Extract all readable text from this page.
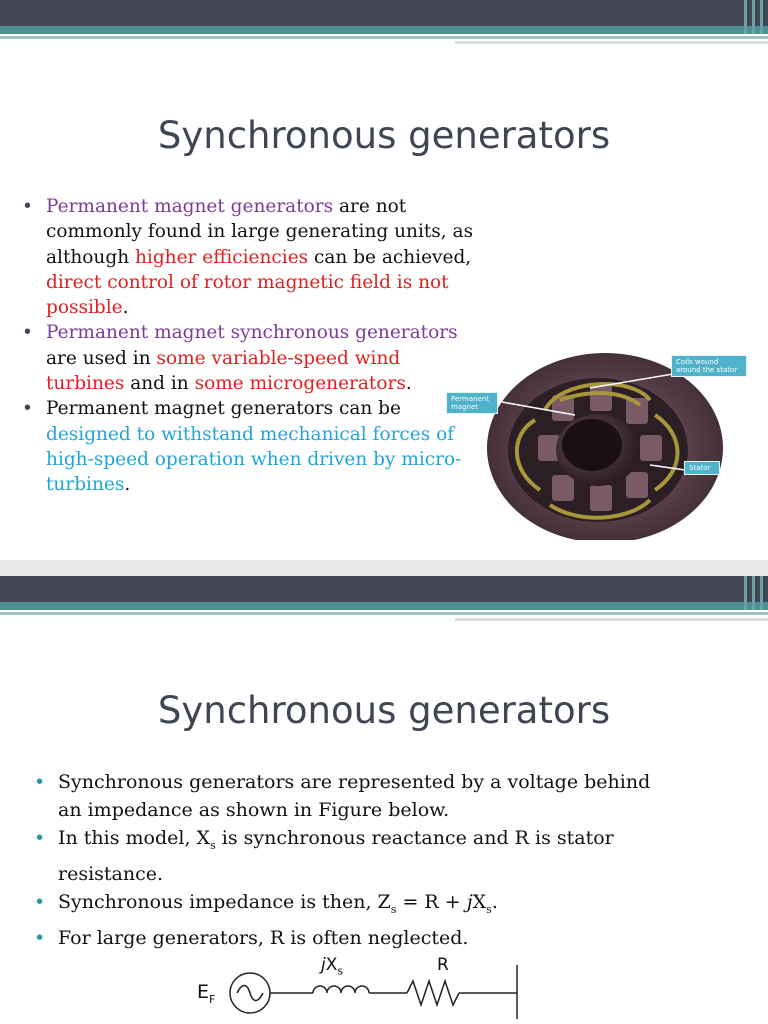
Synchronous generators
• Permanent magnet generators are not commonly found in large generating units, as although higher efficiencies can be achieved, direct control of rotor magnetic field is not possible.
• Permanent magnet synchronous generators are used in some variable-speed wind turbines and in some microgenerators.
• Permanent magnet generators can be designed to withstand mechanical forces of high-speed operation when driven by micro-turbines.
Coils wound around the stator
Permanent magnet
Stator
Synchronous generators
• Synchronous generators are represented by a voltage behind an impedance as shown in Figure below.
• In this model, $X_s$ is synchronous reactance and R is stator resistance.
• Synchronous impedance is then, $Z_s = R + jX_s$.
• For large generators, R is often neglected.
$E_F$
$jX_s$	R
